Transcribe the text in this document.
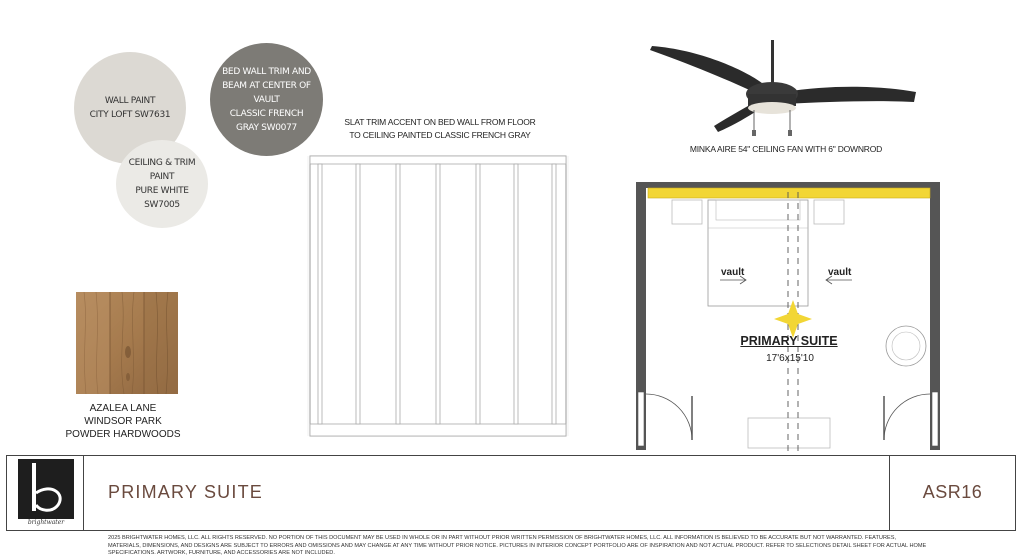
WALL PAINT
CITY LOFT SW7631
CEILING & TRIM
PAINT
PURE WHITE
SW7005
BED WALL TRIM AND
BEAM AT CENTER OF
VAULT
CLASSIC FRENCH
GRAY SW0077
AZALEA LANE
WINDSOR PARK
POWDER HARDWOODS
SLAT TRIM ACCENT ON BED WALL FROM FLOOR
TO CEILING PAINTED CLASSIC FRENCH GRAY
MINKA AIRE 54" CEILING FAN WITH 6" DOWNROD
vault	vault
PRIMARY SUITE
17'6x15'10
brightwater
PRIMARY SUITE	ASR16
2025 BRIGHTWATER HOMES, LLC. ALL RIGHTS RESERVED. NO PORTION OF THIS DOCUMENT MAY BE USED IN WHOLE OR IN PART WITHOUT PRIOR WRITTEN PERMISSION OF BRIGHTWATER HOMES, LLC. ALL INFORMATION IS BELIEVED TO BE ACCURATE BUT NOT WARRANTED. FEATURES, MATERIALS, DIMENSIONS, AND DESIGNS ARE SUBJECT TO ERRORS AND OMISSIONS AND MAY CHANGE AT ANY TIME WITHOUT PRIOR NOTICE. PICTURES IN INTERIOR CONCEPT PORTFOLIO ARE OF INSPIRATION AND NOT ACTUAL PRODUCT. REFER TO SELECTIONS DETAIL SHEET FOR ACTUAL HOME SPECIFICATIONS. ARTWORK, FURNITURE, AND ACCESSORIES ARE NOT INCLUDED.
